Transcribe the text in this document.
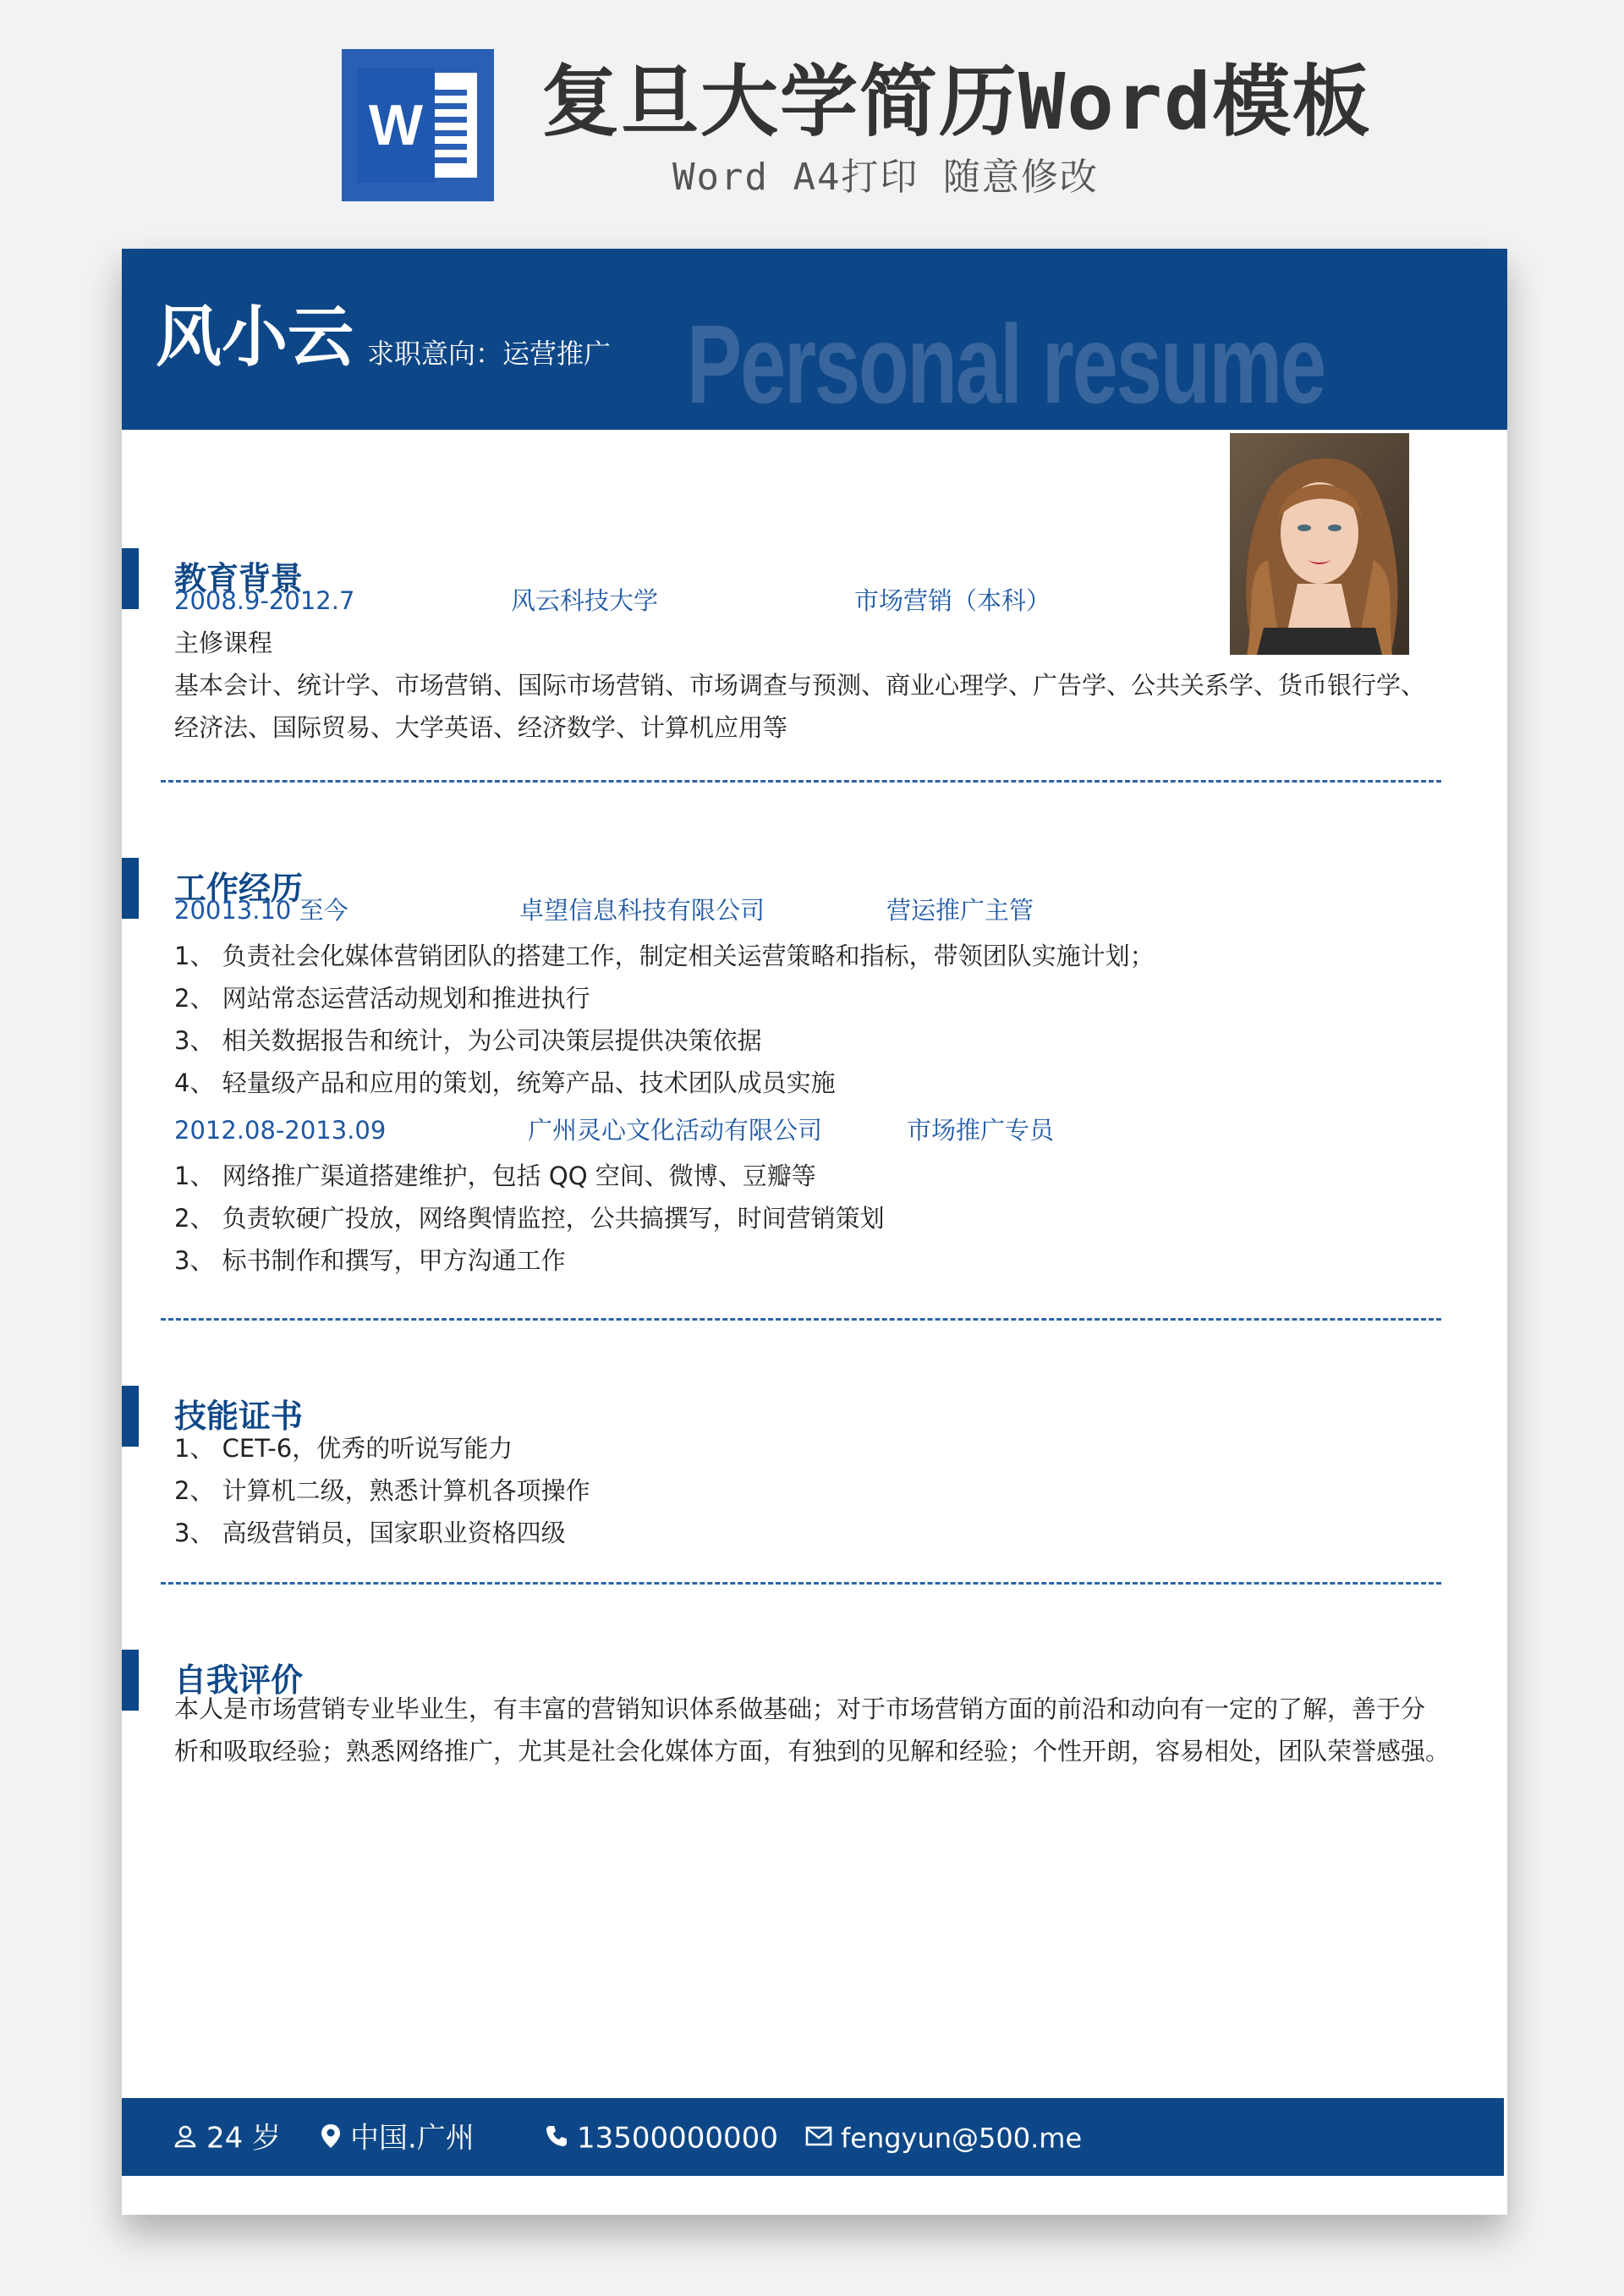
W 复旦大学简历Word模板
Word A4打印 随意修改
Personal resume
风小云 求职意向：运营推广
教育背景
2008.9-2012.7	风云科技大学	市场营销（本科）
主修课程
基本会计、统计学、市场营销、国际市场营销、市场调查与预测、商业心理学、广告学、公共关系学、货币银行学、
经济法、国际贸易、大学英语、经济数学、计算机应用等
工作经历
20013.10 至今	卓望信息科技有限公司	营运推广主管
1、 负责社会化媒体营销团队的搭建工作，制定相关运营策略和指标，带领团队实施计划；
2、 网站常态运营活动规划和推进执行
3、 相关数据报告和统计，为公司决策层提供决策依据
4、 轻量级产品和应用的策划，统筹产品、技术团队成员实施
2012.08-2013.09	广州灵心文化活动有限公司	市场推广专员
1、 网络推广渠道搭建维护，包括 QQ 空间、微博、豆瓣等
2、 负责软硬广投放，网络舆情监控，公共搞撰写，时间营销策划
3、 标书制作和撰写，甲方沟通工作
技能证书
1、 CET-6，优秀的听说写能力
2、 计算机二级，熟悉计算机各项操作
3、 高级营销员，国家职业资格四级
自我评价
本人是市场营销专业毕业生，有丰富的营销知识体系做基础；对于市场营销方面的前沿和动向有一定的了解，善于分
析和吸取经验；熟悉网络推广，尤其是社会化媒体方面，有独到的见解和经验；个性开朗，容易相处，团队荣誉感强。
24 岁	中国.广州	13500000000	fengyun@500.me
